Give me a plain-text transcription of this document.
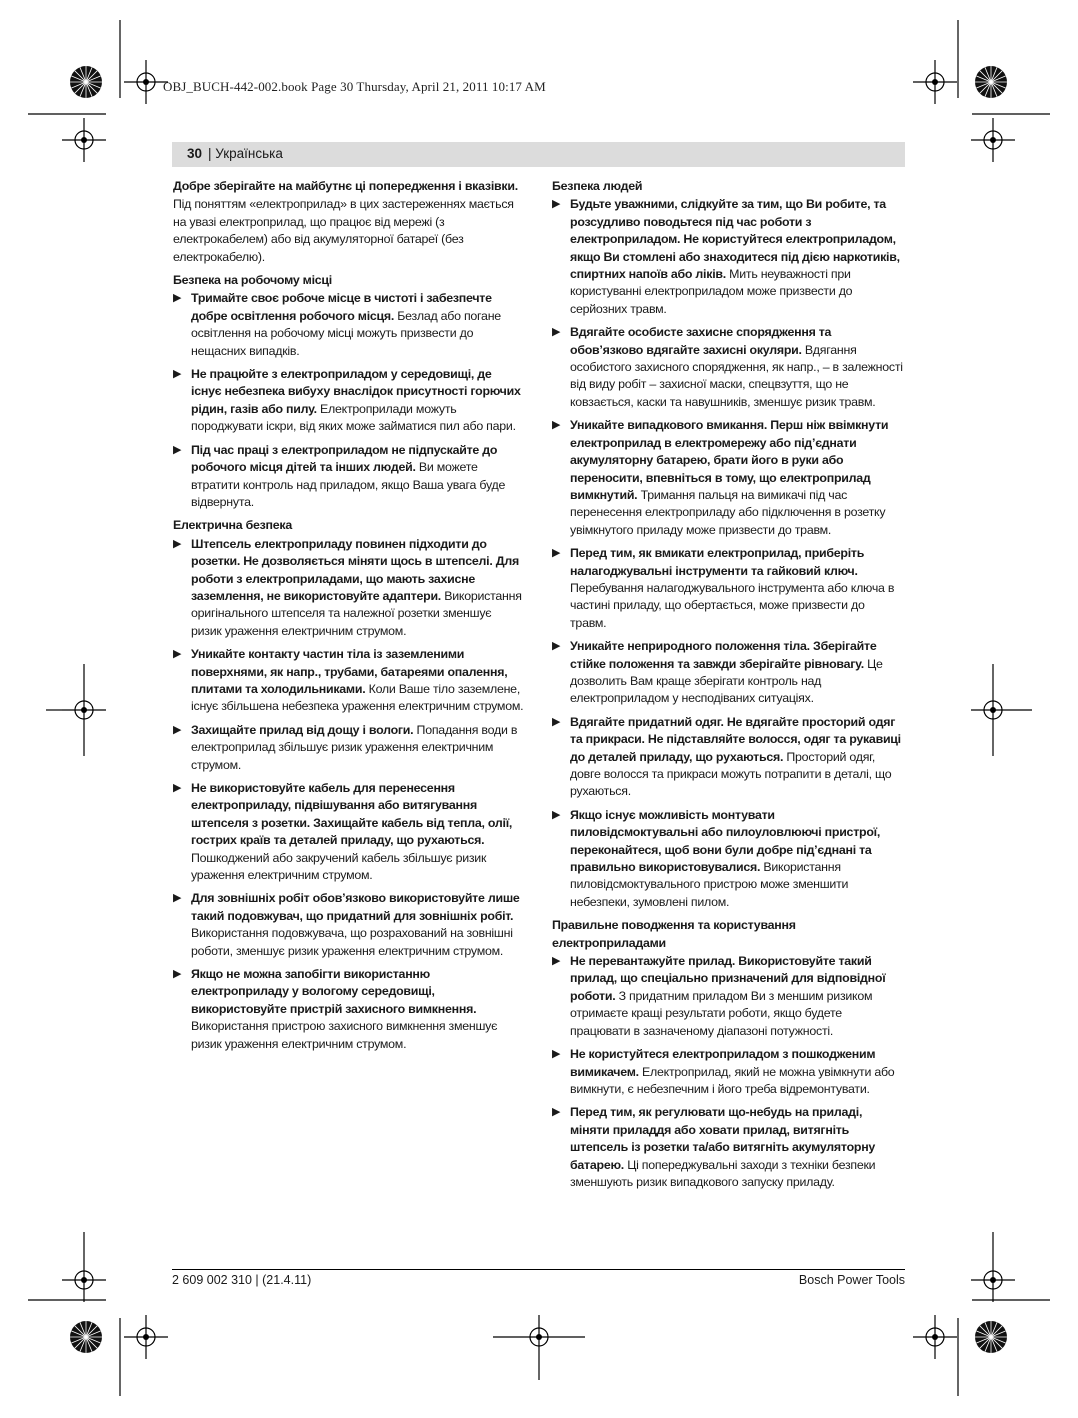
OBJ_BUCH-442-002.book Page 30 Thursday, April 21, 2011 10:17 AM
30 | Українська
Добре зберігайте на майбутнє ці попередження і вказівки.
Під поняттям «електроприлад» в цих застереженнях мається на увазі електроприлад, що працює від мережі (з електрокабелем) або від акумуляторної батареї (без електрокабелю).
Безпека на робочому місці
▶ Тримайте своє робоче місце в чистоті і забезпечте добре освітлення робочого місця. Безлад або погане освітлення на робочому місці можуть призвести до нещасних випадків.
▶ Не працюйте з електроприладом у середовищі, де існує небезпека вибуху внаслідок присутності горючих рідин, газів або пилу. Електроприлади можуть породжувати іскри, від яких може займатися пил або пари.
▶ Під час праці з електроприладом не підпускайте до робочого місця дітей та інших людей. Ви можете втратити контроль над приладом, якщо Ваша увага буде відвернута.
Електрична безпека
▶ Штепсель електроприладу повинен підходити до розетки. Не дозволяється міняти щось в штепселі. Для роботи з електроприладами, що мають захисне заземлення, не використовуйте адаптери. Використання оригінального штепселя та належної розетки зменшує ризик ураження електричним струмом.
▶ Уникайте контакту частин тіла із заземленими поверхнями, як напр., трубами, батареями опалення, плитами та холодильниками. Коли Ваше тіло заземлене, існує збільшена небезпека ураження електричним струмом.
▶ Захищайте прилад від дощу і вологи. Попадання води в електроприлад збільшує ризик ураження електричним струмом.
▶ Не використовуйте кабель для перенесення електроприладу, підвішування або витягування штепселя з розетки. Захищайте кабель від тепла, олії, гострих країв та деталей приладу, що рухаються. Пошкоджений або закручений кабель збільшує ризик ураження електричним струмом.
▶ Для зовнішніх робіт обов’язково використовуйте лише такий подовжувач, що придатний для зовнішніх робіт. Використання подовжувача, що розрахований на зовнішні роботи, зменшує ризик ураження електричним струмом.
▶ Якщо не можна запобігти використанню електроприладу у вологому середовищі, використовуйте пристрій захисного вимкнення. Використання пристрою захисного вимкнення зменшує ризик ураження електричним струмом.
Безпека людей
▶ Будьте уважними, слідкуйте за тим, що Ви робите, та розсудливо поводьтеся під час роботи з електроприладом. Не користуйтеся електроприладом, якщо Ви стомлені або знаходитеся під дією наркотиків, спиртних напоїв або ліків. Мить неуважності при користуванні електроприладом може призвести до серйозних травм.
▶ Вдягайте особисте захисне спорядження та обов’язково вдягайте захисні окуляри. Вдягання особистого захисного спорядження, як напр., – в залежності від виду робіт – захисної маски, спецвзуття, що не ковзається, каски та навушників, зменшує ризик травм.
▶ Уникайте випадкового вмикання. Перш ніж ввімкнути електроприлад в електромережу або під’єднати акумуляторну батарею, брати його в руки або переносити, впевніться в тому, що електроприлад вимкнутий. Тримання пальця на вимикачі під час перенесення електроприладу або підключення в розетку увімкнутого приладу може призвести до травм.
▶ Перед тим, як вмикати електроприлад, приберіть налагоджувальні інструменти та гайковий ключ. Перебування налагоджувального інструмента або ключа в частині приладу, що обертається, може призвести до травм.
▶ Уникайте неприродного положення тіла. Зберігайте стійке положення та завжди зберігайте рівновагу. Це дозволить Вам краще зберігати контроль над електроприладом у несподіваних ситуаціях.
▶ Вдягайте придатний одяг. Не вдягайте просторий одяг та прикраси. Не підставляйте волосся, одяг та рукавиці до деталей приладу, що рухаються. Просторий одяг, довге волосся та прикраси можуть потрапити в деталі, що рухаються.
▶ Якщо існує можливість монтувати пиловідсмоктувальні або пилоуловлюючі пристрої, переконайтеся, щоб вони були добре під’єднані та правильно використовувалися. Використання пиловідсмоктувального пристрою може зменшити небезпеки, зумовлені пилом.
Правильне поводження та користування електроприладами
▶ Не перевантажуйте прилад. Використовуйте такий прилад, що спеціально призначений для відповідної роботи. З придатним приладом Ви з меншим ризиком отримаєте кращі результати роботи, якщо будете працювати в зазначеному діапазоні потужності.
▶ Не користуйтеся електроприладом з пошкодженим вимикачем. Електроприлад, який не можна увімкнути або вимкнути, є небезпечним і його треба відремонтувати.
▶ Перед тим, як регулювати що-небудь на приладі, міняти приладдя або ховати прилад, витягніть штепсель із розетки та/або витягніть акумуляторну батарею. Ці попереджувальні заходи з техніки безпеки зменшують ризик випадкового запуску приладу.
2 609 002 310 | (21.4.11)	Bosch Power Tools
